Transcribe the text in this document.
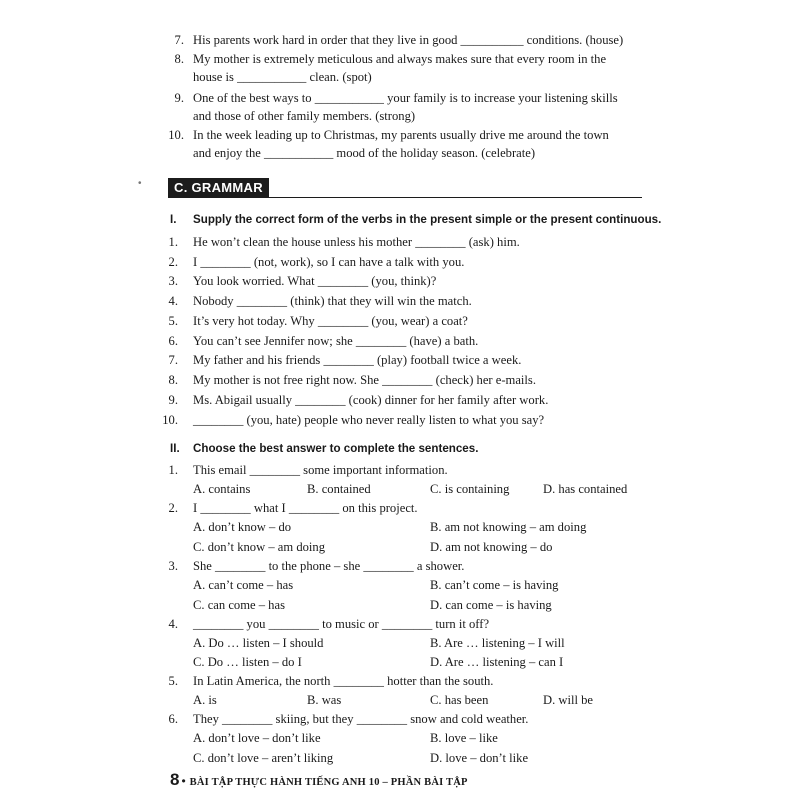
7. His parents work hard in order that they live in good __________ conditions. (house)
8. My mother is extremely meticulous and always makes sure that every room in the
house is ___________ clean. (spot)
9. One of the best ways to ___________ your family is to increase your listening skills
and those of other family members. (strong)
10. In the week leading up to Christmas, my parents usually drive me around the town
and enjoy the ___________ mood of the holiday season. (celebrate)
•	C. GRAMMAR
I. Supply the correct form of the verbs in the present simple or the present continuous.
1. He won’t clean the house unless his mother ________ (ask) him.
2. I ________ (not, work), so I can have a talk with you.
3. You look worried. What ________ (you, think)?
4. Nobody ________ (think) that they will win the match.
5. It’s very hot today. Why ________ (you, wear) a coat?
6. You can’t see Jennifer now; she ________ (have) a bath.
7. My father and his friends ________ (play) football twice a week.
8. My mother is not free right now. She ________ (check) her e-mails.
9. Ms. Abigail usually ________ (cook) dinner for her family after work.
10. ________ (you, hate) people who never really listen to what you say?
II. Choose the best answer to complete the sentences.
1. This email ________ some important information.
A. contains	B. contained	C. is containing	D. has contained
2. I ________ what I ________ on this project.
A. don’t know – do	B. am not knowing – am doing
C. don’t know – am doing	D. am not knowing – do
3. She ________ to the phone – she ________ a shower.
A. can’t come – has	B. can’t come – is having
C. can come – has	D. can come – is having
4. ________ you ________ to music or ________ turn it off?
A. Do … listen – I should	B. Are … listening – I will
C. Do … listen – do I	D. Are … listening – can I
5. In Latin America, the north ________ hotter than the south.
A. is	B. was	C. has been	D. will be
6. They ________ skiing, but they ________ snow and cold weather.
A. don’t love – don’t like	B. love – like
C. don’t love – aren’t liking	D. love – don’t like
8 • BÀI TẬP THỰC HÀNH TIẾNG ANH 10 – PHẦN BÀI TẬP
